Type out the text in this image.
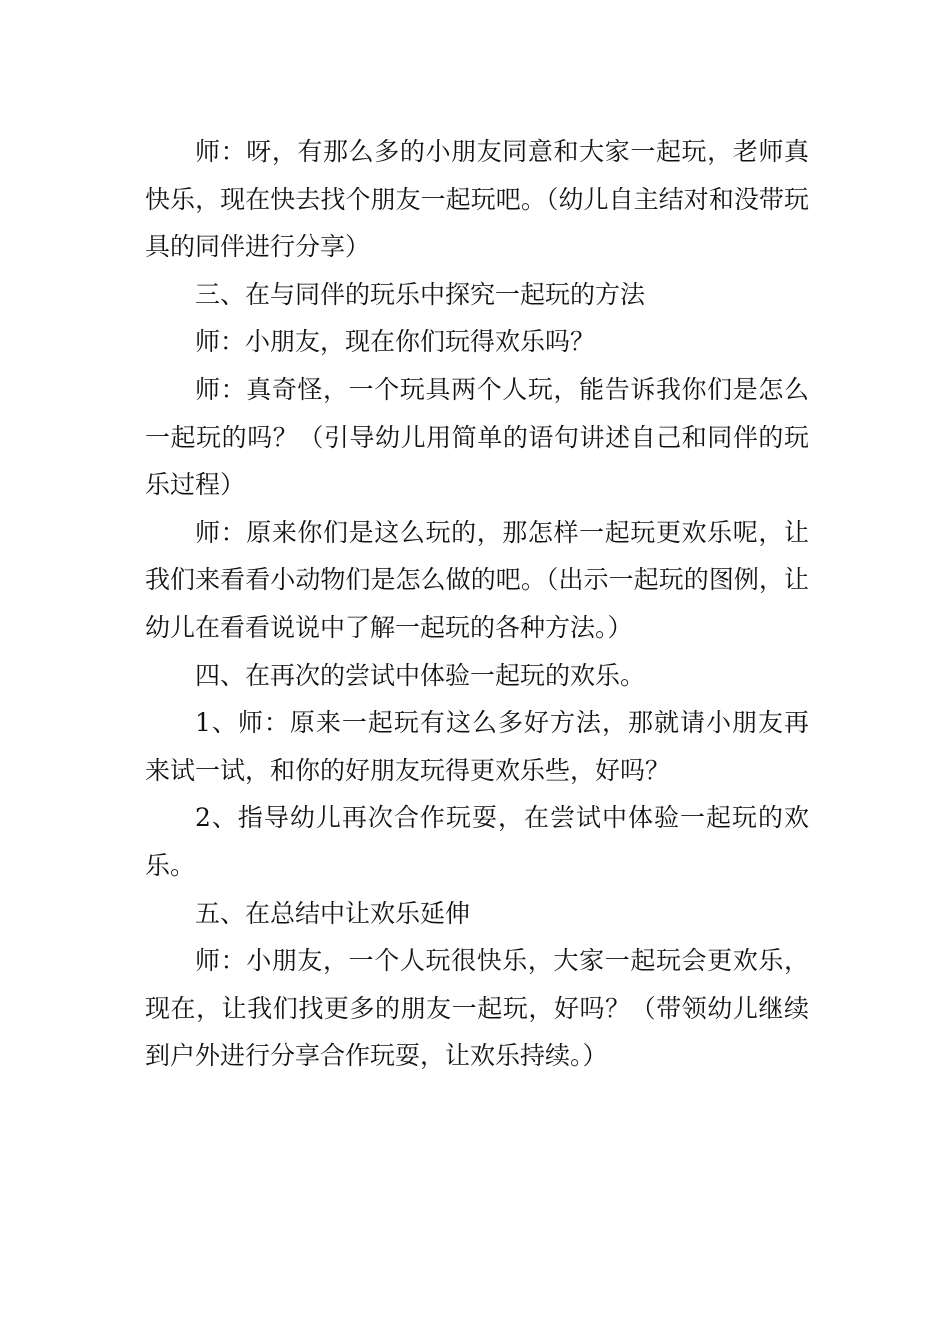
师：呀，有那么多的小朋友同意和大家一起玩，老师真快乐，现在快去找个朋友一起玩吧。（幼儿自主结对和没带玩具的同伴进行分享）

三、在与同伴的玩乐中探究一起玩的方法

师：小朋友，现在你们玩得欢乐吗？

师：真奇怪，一个玩具两个人玩，能告诉我你们是怎么一起玩的吗？（引导幼儿用简单的语句讲述自己和同伴的玩乐过程）

师：原来你们是这么玩的，那怎样一起玩更欢乐呢，让我们来看看小动物们是怎么做的吧。（出示一起玩的图例，让幼儿在看看说说中了解一起玩的各种方法。）

四、在再次的尝试中体验一起玩的欢乐。

1、师：原来一起玩有这么多好方法，那就请小朋友再来试一试，和你的好朋友玩得更欢乐些，好吗？

2、指导幼儿再次合作玩耍，在尝试中体验一起玩的欢乐。

五、在总结中让欢乐延伸

师：小朋友，一个人玩很快乐，大家一起玩会更欢乐，现在，让我们找更多的朋友一起玩，好吗？（带领幼儿继续到户外进行分享合作玩耍，让欢乐持续。）
